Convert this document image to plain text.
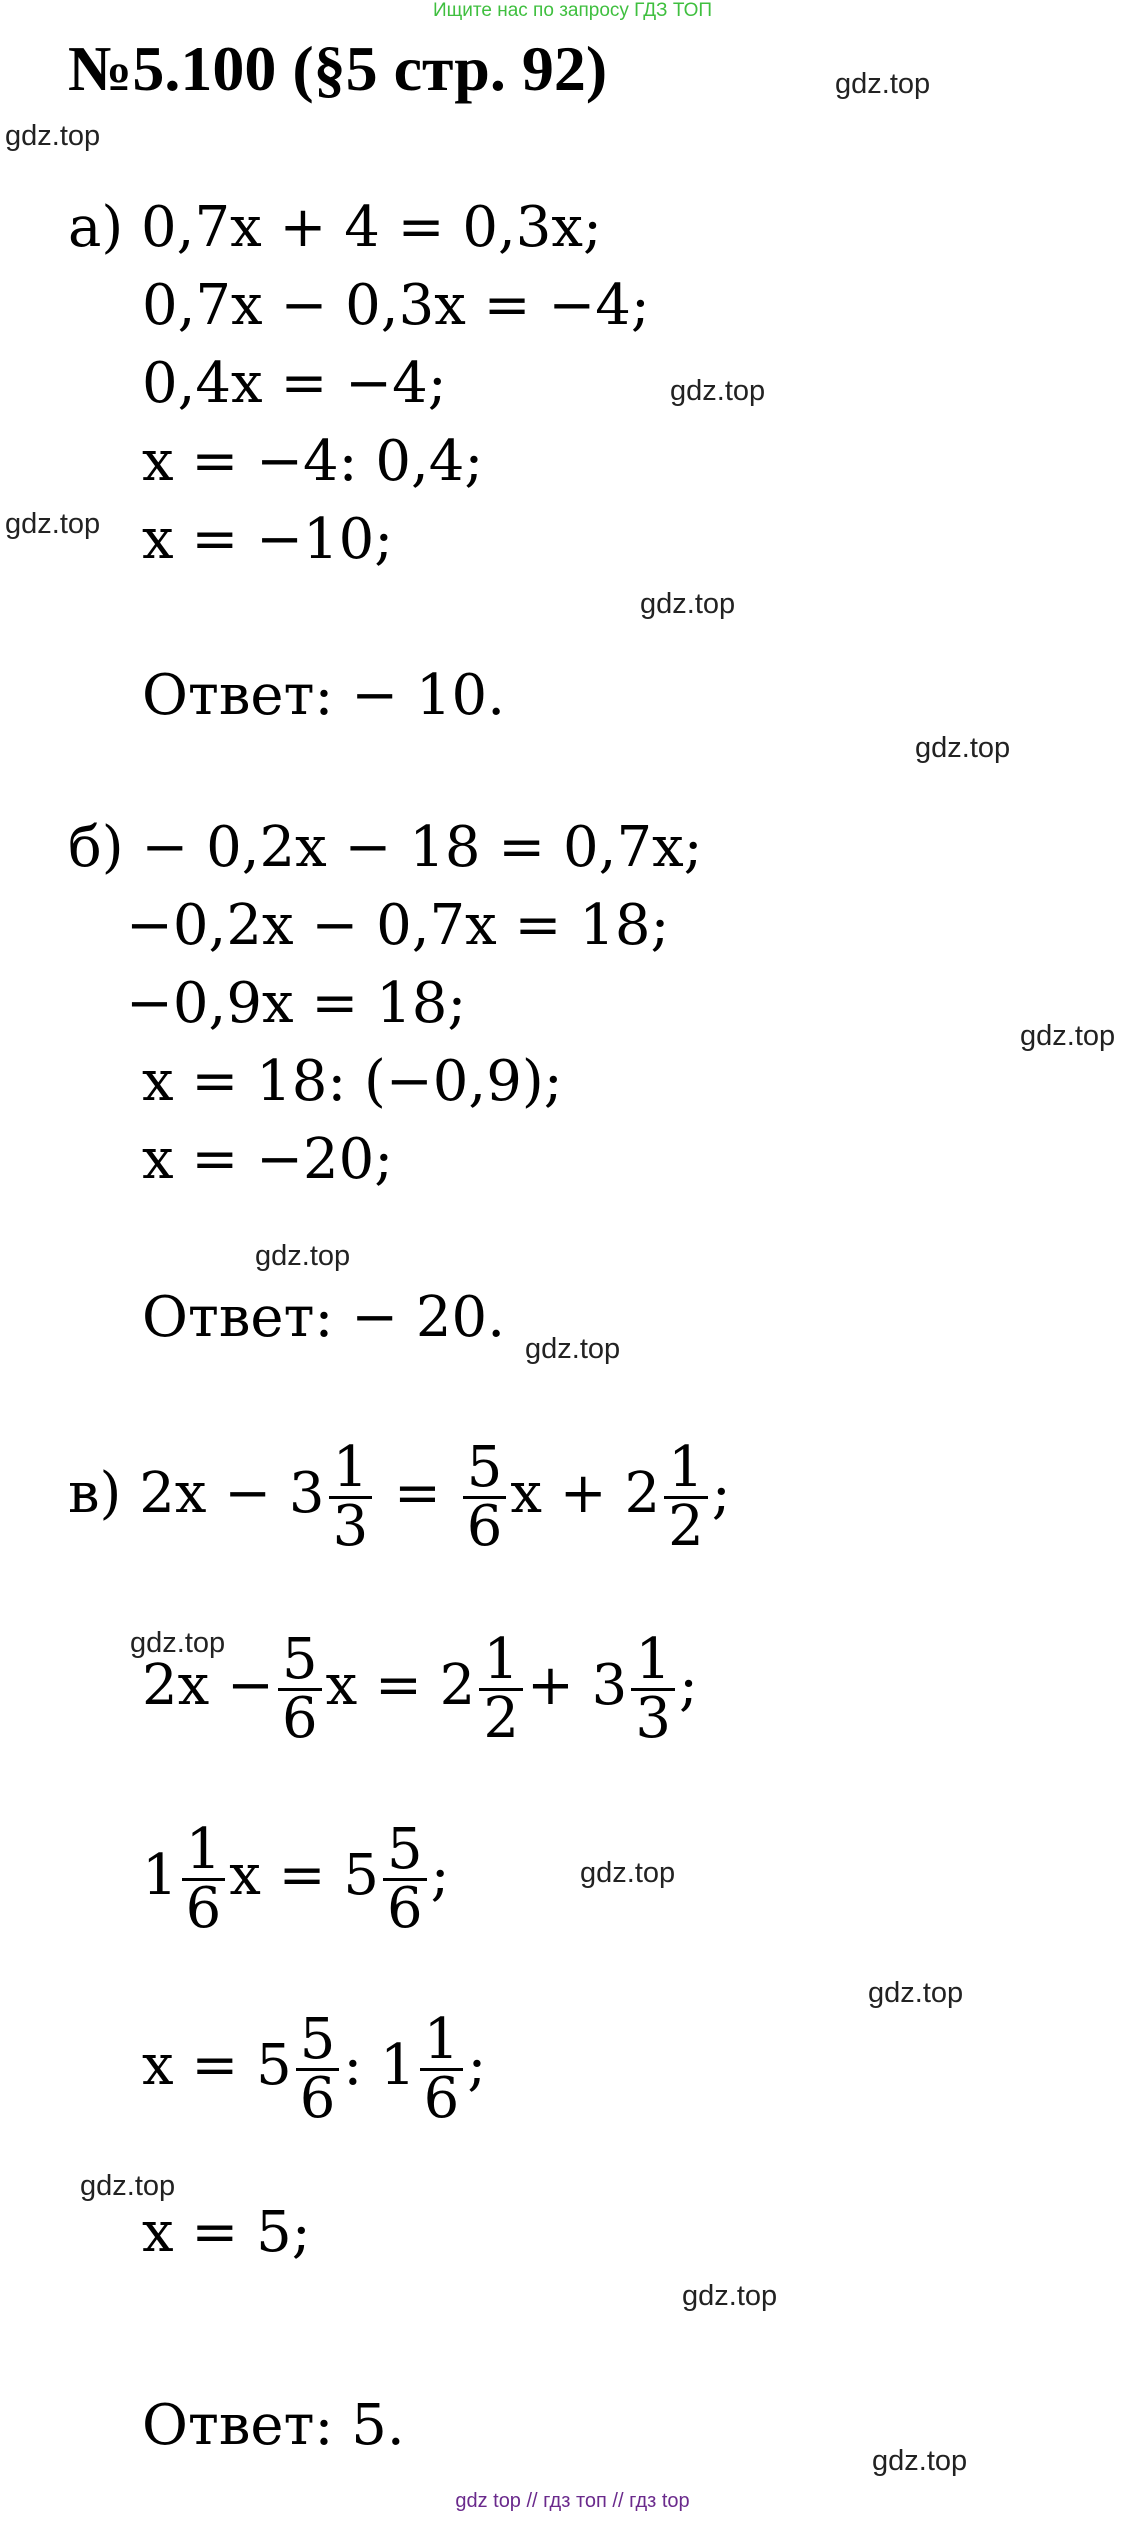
Ищите нас по запросу ГДЗ ТОП
№5.100 (§5 стр. 92)	gdz.top
gdz.top
gdz.top
gdz.top
gdz.top
gdz.top
gdz.top
gdz.top
gdz.top
gdz.top
gdz.top
gdz.top
gdz.top
gdz.top
gdz.top
а) 0,7x + 4 = 0,3x;
0,7x − 0,3x = −4;
0,4x = −4;
x = −4: 0,4;
x = −10;
Ответ: − 10.
б) − 0,2x − 18 = 0,7x;
−0,2x − 0,7x = 18;
−0,9x = 18;
x = 18: (−0,9);
x = −20;
Ответ: − 20.
в) $2x - 3 \frac{1}{3} = \frac{5}{6}$ $x + 2 \frac{1}{2}$ ;
$2x - \frac{5}{6}$ $x = 2 \frac{1}{2} + 3 \frac{1}{3}$ ;
$1 \frac{1}{6}$ $x = 5 \frac{5}{6}$ ;
$x = 5 \frac{5}{6}$ : $1 \frac{1}{6}$ ;
x = 5;
Ответ: 5.
gdz top // гдз топ // гдз top
